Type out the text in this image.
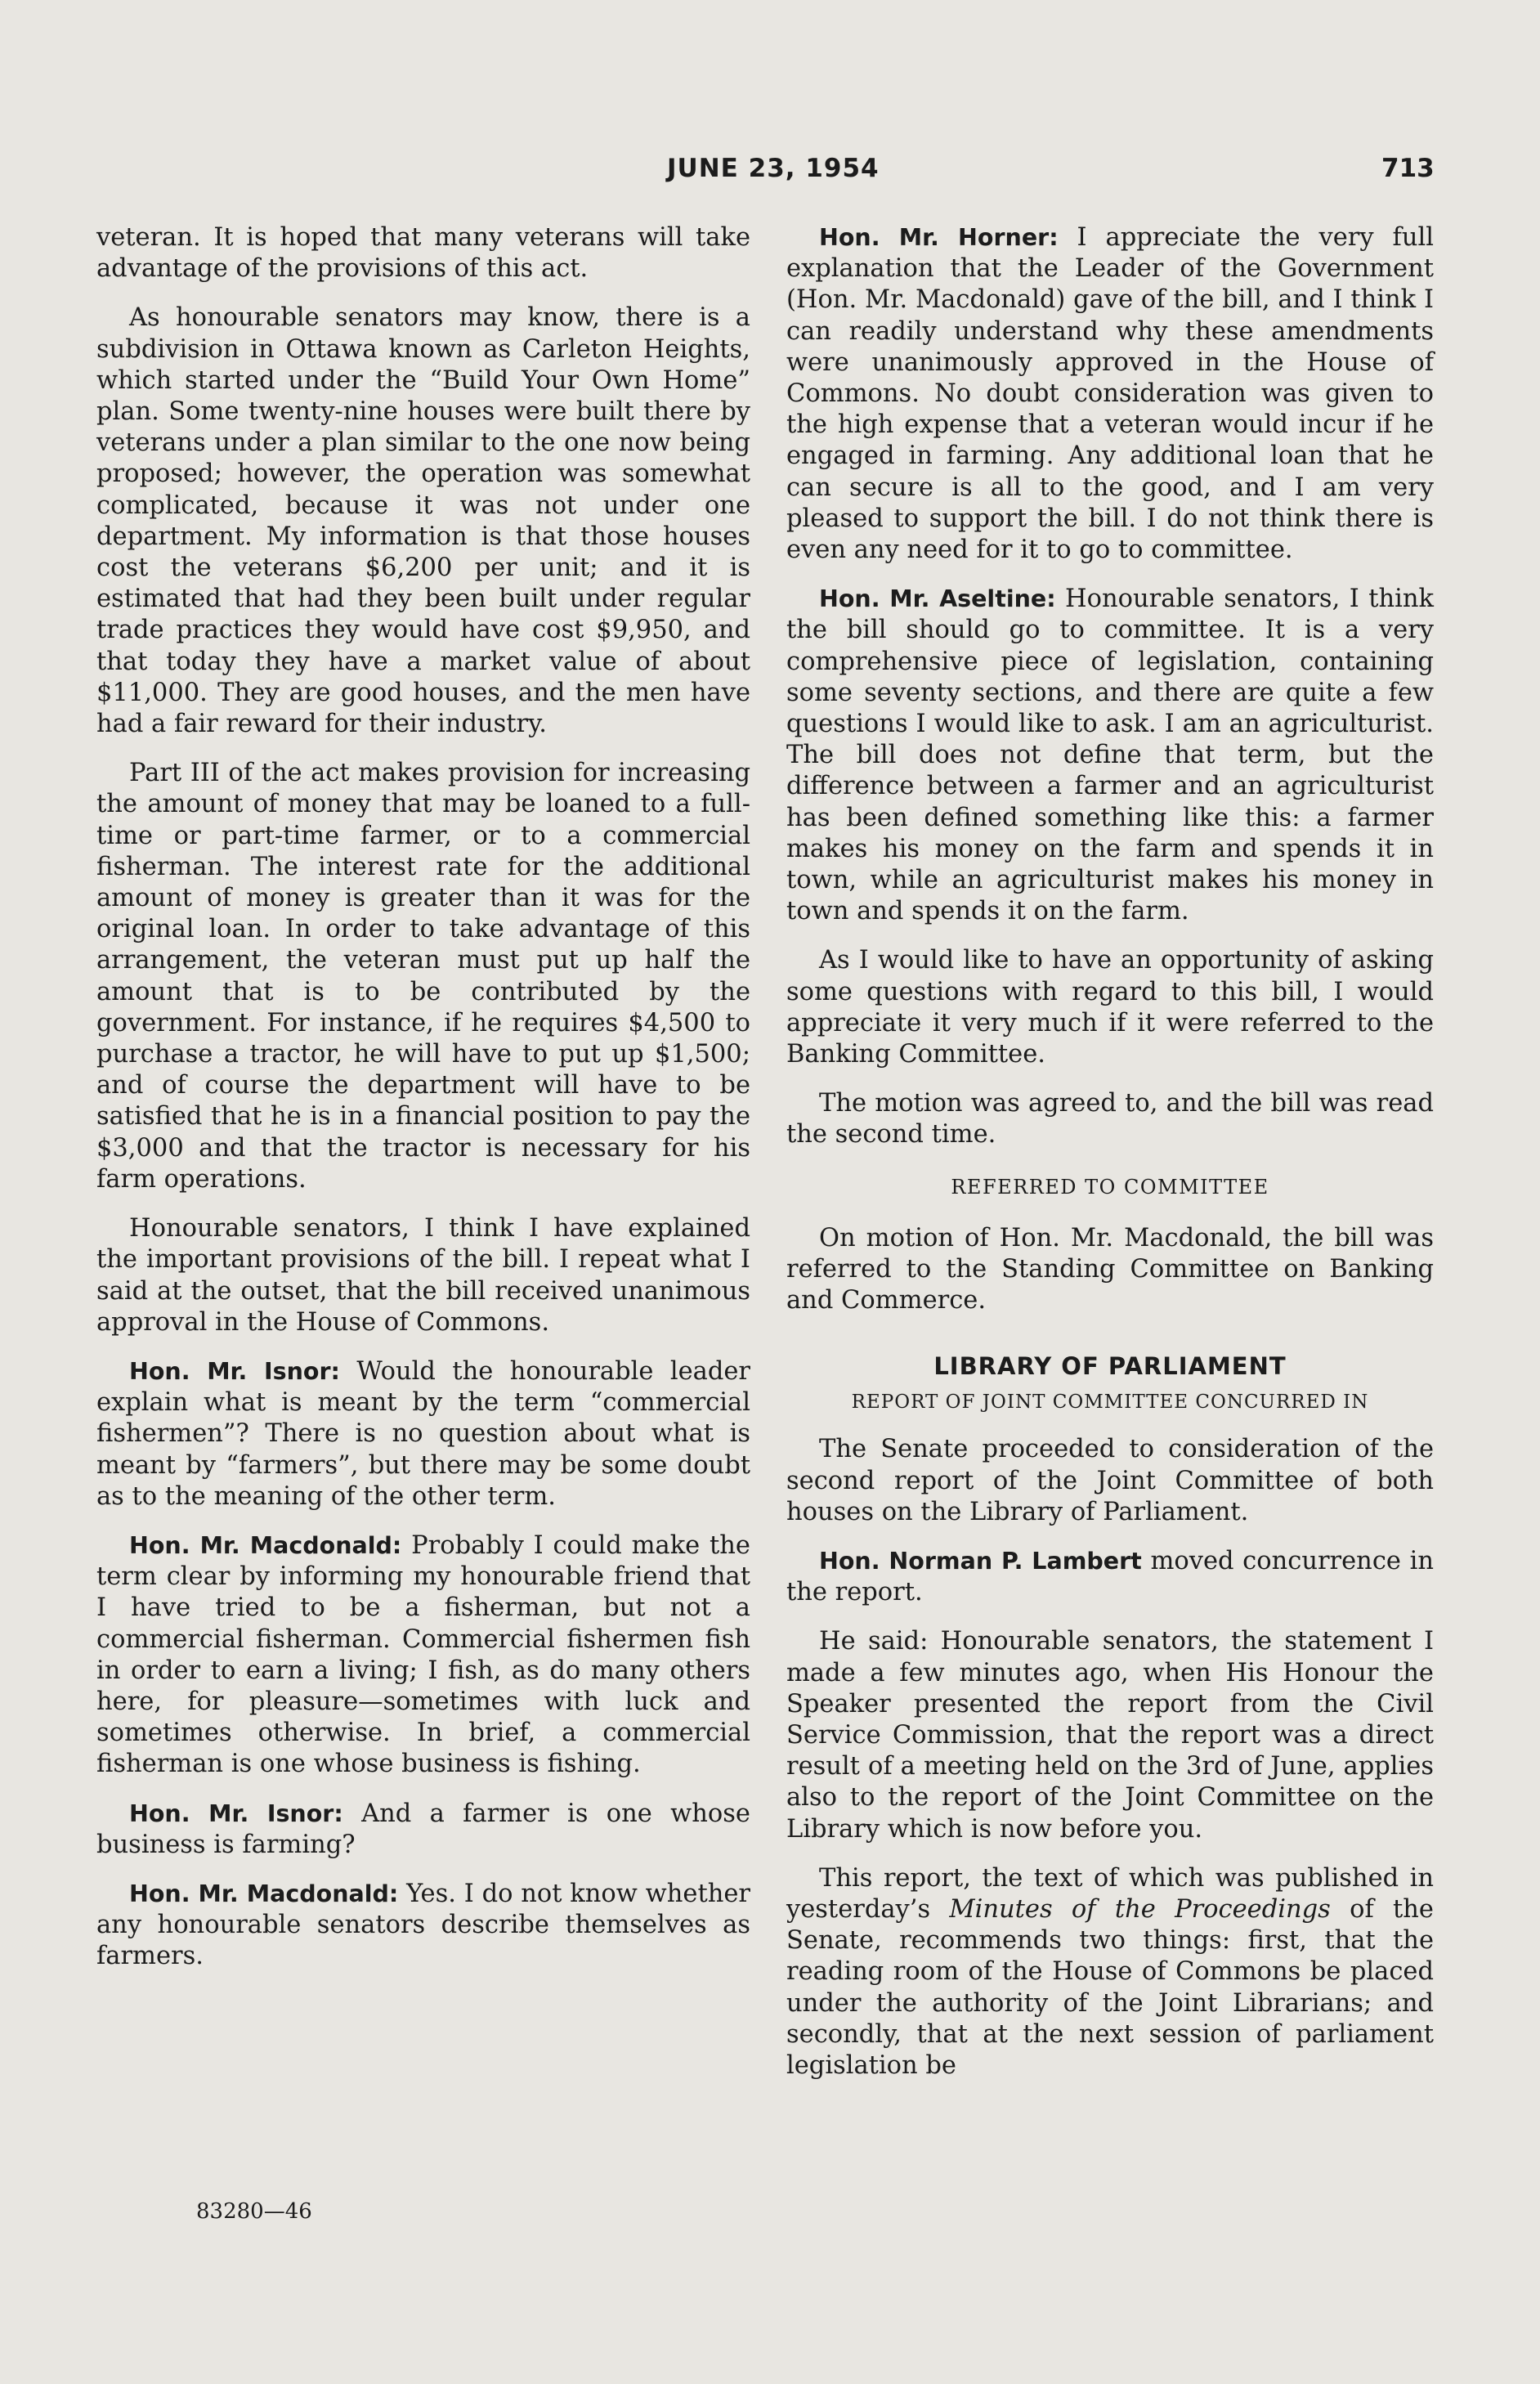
JUNE 23, 1954	713

veteran. It is hoped that many veterans will take advantage of the provisions of this act.

As honourable senators may know, there is a subdivision in Ottawa known as Carleton Heights, which started under the “Build Your Own Home” plan. Some twenty-nine houses were built there by veterans under a plan similar to the one now being proposed; however, the operation was somewhat complicated, because it was not under one department. My information is that those houses cost the veterans $6,200 per unit; and it is estimated that had they been built under regular trade practices they would have cost $9,950, and that today they have a market value of about $11,000. They are good houses, and the men have had a fair reward for their industry.

Part III of the act makes provision for increasing the amount of money that may be loaned to a full-time or part-time farmer, or to a commercial fisherman. The interest rate for the additional amount of money is greater than it was for the original loan. In order to take advantage of this arrangement, the veteran must put up half the amount that is to be contributed by the government. For instance, if he requires $4,500 to purchase a tractor, he will have to put up $1,500; and of course the department will have to be satisfied that he is in a financial position to pay the $3,000 and that the tractor is necessary for his farm operations.

Honourable senators, I think I have explained the important provisions of the bill. I repeat what I said at the outset, that the bill received unanimous approval in the House of Commons.

Hon. Mr. Isnor: Would the honourable leader explain what is meant by the term “commercial fishermen”? There is no question about what is meant by “farmers”, but there may be some doubt as to the meaning of the other term.

Hon. Mr. Macdonald: Probably I could make the term clear by informing my honourable friend that I have tried to be a fisherman, but not a commercial fisherman. Commercial fishermen fish in order to earn a living; I fish, as do many others here, for pleasure—sometimes with luck and sometimes otherwise. In brief, a commercial fisherman is one whose business is fishing.

Hon. Mr. Isnor: And a farmer is one whose business is farming?

Hon. Mr. Macdonald: Yes. I do not know whether any honourable senators describe themselves as farmers.

Hon. Mr. Horner: I appreciate the very full explanation that the Leader of the Government (Hon. Mr. Macdonald) gave of the bill, and I think I can readily understand why these amendments were unanimously approved in the House of Commons. No doubt consideration was given to the high expense that a veteran would incur if he engaged in farming. Any additional loan that he can secure is all to the good, and I am very pleased to support the bill. I do not think there is even any need for it to go to committee.

Hon. Mr. Aseltine: Honourable senators, I think the bill should go to committee. It is a very comprehensive piece of legislation, containing some seventy sections, and there are quite a few questions I would like to ask. I am an agriculturist. The bill does not define that term, but the difference between a farmer and an agriculturist has been defined something like this: a farmer makes his money on the farm and spends it in town, while an agriculturist makes his money in town and spends it on the farm.

As I would like to have an opportunity of asking some questions with regard to this bill, I would appreciate it very much if it were referred to the Banking Committee.

The motion was agreed to, and the bill was read the second time.

REFERRED TO COMMITTEE

On motion of Hon. Mr. Macdonald, the bill was referred to the Standing Committee on Banking and Commerce.

LIBRARY OF PARLIAMENT
REPORT OF JOINT COMMITTEE CONCURRED IN

The Senate proceeded to consideration of the second report of the Joint Committee of both houses on the Library of Parliament.

Hon. Norman P. Lambert moved concurrence in the report.

He said: Honourable senators, the statement I made a few minutes ago, when His Honour the Speaker presented the report from the Civil Service Commission, that the report was a direct result of a meeting held on the 3rd of June, applies also to the report of the Joint Committee on the Library which is now before you.

This report, the text of which was published in yesterday’s Minutes of the Proceedings of the Senate, recommends two things: first, that the reading room of the House of Commons be placed under the authority of the Joint Librarians; and secondly, that at the next session of parliament legislation be

83280—46
